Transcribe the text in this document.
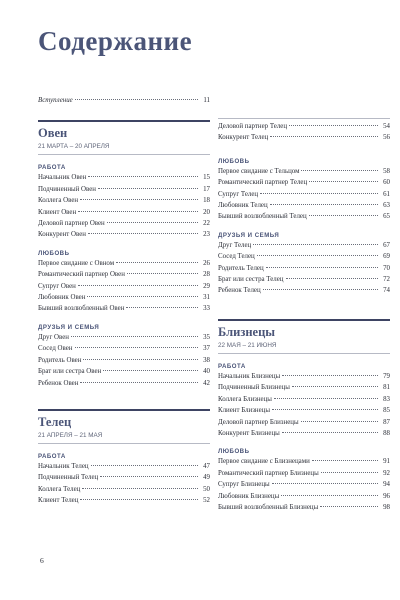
Содержание
Вступление	11
Овен
21 МАРТА – 20 АПРЕЛЯ
РАБОТА
Начальник Овен	15
Подчиненный Овен	17
Коллега Овен	18
Клиент Овен	20
Деловой партнер Овен	22
Конкурент Овен	23
ЛЮБОВЬ
Первое свидание с Овном	26
Романтический партнер Овен	28
Супруг Овен	29
Любовник Овен	31
Бывший возлюбленный Овен	33
ДРУЗЬЯ И СЕМЬЯ
Друг Овен	35
Сосед Овен	37
Родитель Овен	38
Брат или сестра Овен	40
Ребенок Овен	42
Телец
21 АПРЕЛЯ – 21 МАЯ
РАБОТА
Начальник Телец	47
Подчиненный Телец	49
Коллега Телец	50
Клиент Телец	52
Деловой партнер Телец	54
Конкурент Телец	56
ЛЮБОВЬ
Первое свидание с Тельцом	58
Романтический партнер Телец	60
Супруг Телец	61
Любовник Телец	63
Бывший возлюбленный Телец	65
ДРУЗЬЯ И СЕМЬЯ
Друг Телец	67
Сосед Телец	69
Родитель Телец	70
Брат или сестра Телец	72
Ребенок Телец	74
Близнецы
22 МАЯ – 21 ИЮНЯ
РАБОТА
Начальник Близнецы	79
Подчиненный Близнецы	81
Коллега Близнецы	83
Клиент Близнецы	85
Деловой партнер Близнецы	87
Конкурент Близнецы	88
ЛЮБОВЬ
Первое свидание с Близнецами	91
Романтический партнер Близнецы	92
Супруг Близнецы	94
Любовник Близнецы	96
Бывший возлюбленный Близнецы	98
6
